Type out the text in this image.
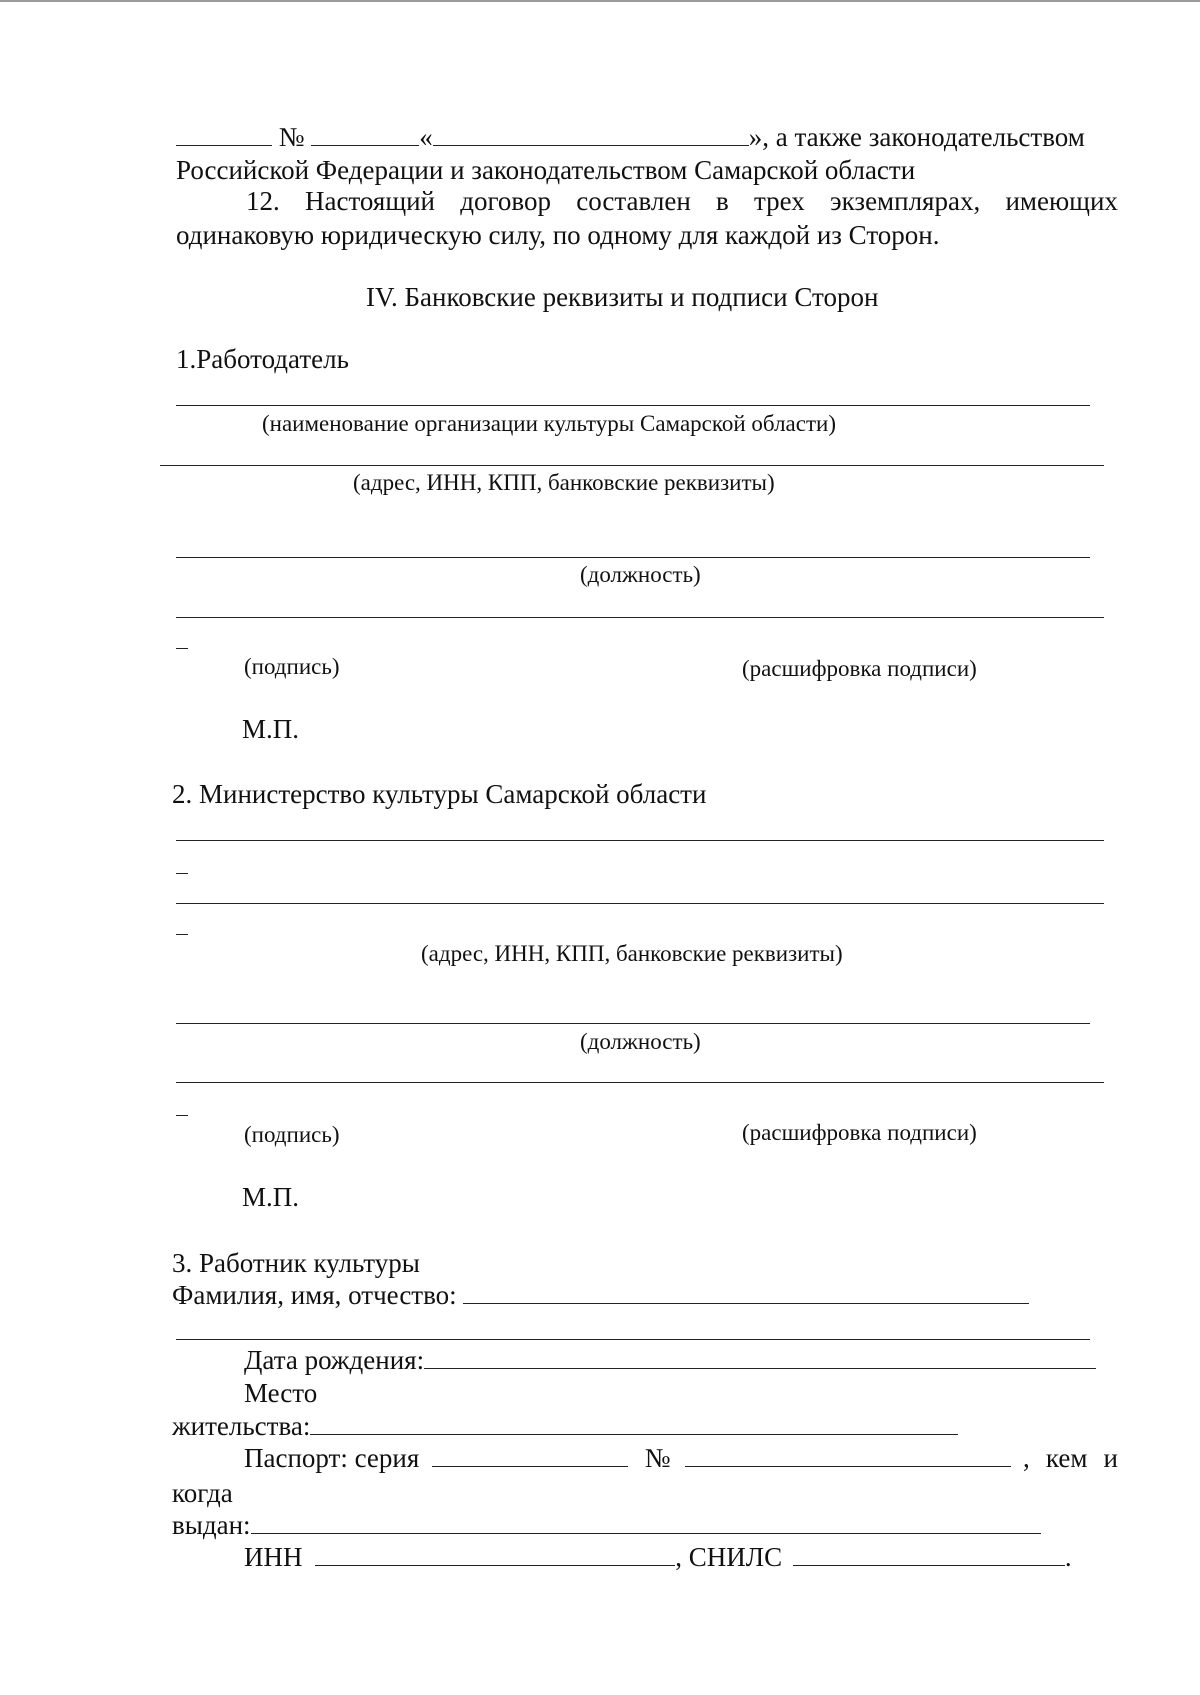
№	«	», а также законодательством
Российской Федерации и законодательством Самарской области
12. Настоящий договор составлен в трех экземплярах, имеющих
одинаковую юридическую силу, по одному для каждой из Сторон.
IV. Банковские реквизиты и подписи Сторон
1.Работодатель
(наименование организации культуры Самарской области)
(адрес, ИНН, КПП, банковские реквизиты)
(должность)
(подпись)	(расшифровка подписи)
М.П.
2. Министерство культуры Самарской области
(адрес, ИНН, КПП, банковские реквизиты)
(должность)
(подпись)	(расшифровка подписи)
М.П.
3. Работник культуры
Фамилия, имя, отчество:
Дата рождения:
Место
жительства:
Паспорт: серия	№	, кем и
когда
выдан:
ИНН	, СНИЛС	.
